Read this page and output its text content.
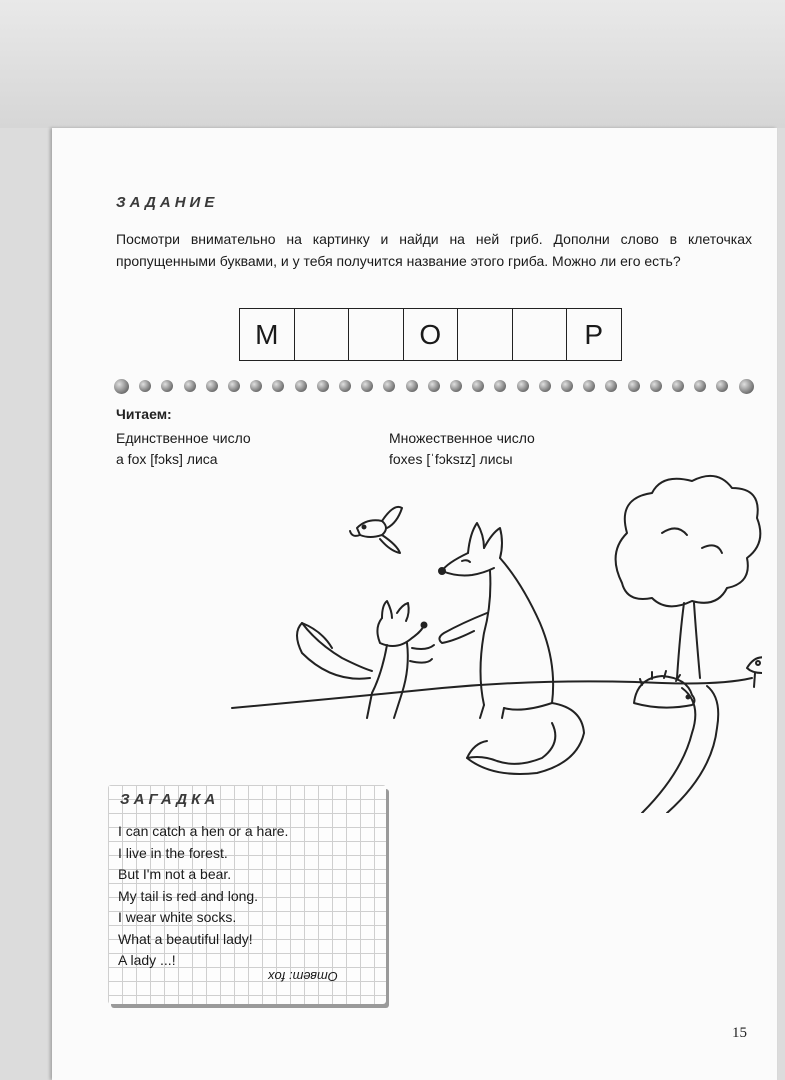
ЗАДАНИЕ
Посмотри внимательно на картинку и найди на ней гриб. Дополни слово в клеточках пропущенными буквами, и у тебя получится название этого гриба. Можно ли его есть?
М	О	Р
Читаем:
Единственное число
a fox [fɔks] лиса
Множественное число
foxes [ˈfɔksɪz] лисы
ЗАГАДКА
I can catch a hen or a hare.
I live in the forest.
But I'm not a bear.
My tail is red and long.
I wear white socks.
What a beautiful lady!
A lady ...!
Ответ: fox
15
